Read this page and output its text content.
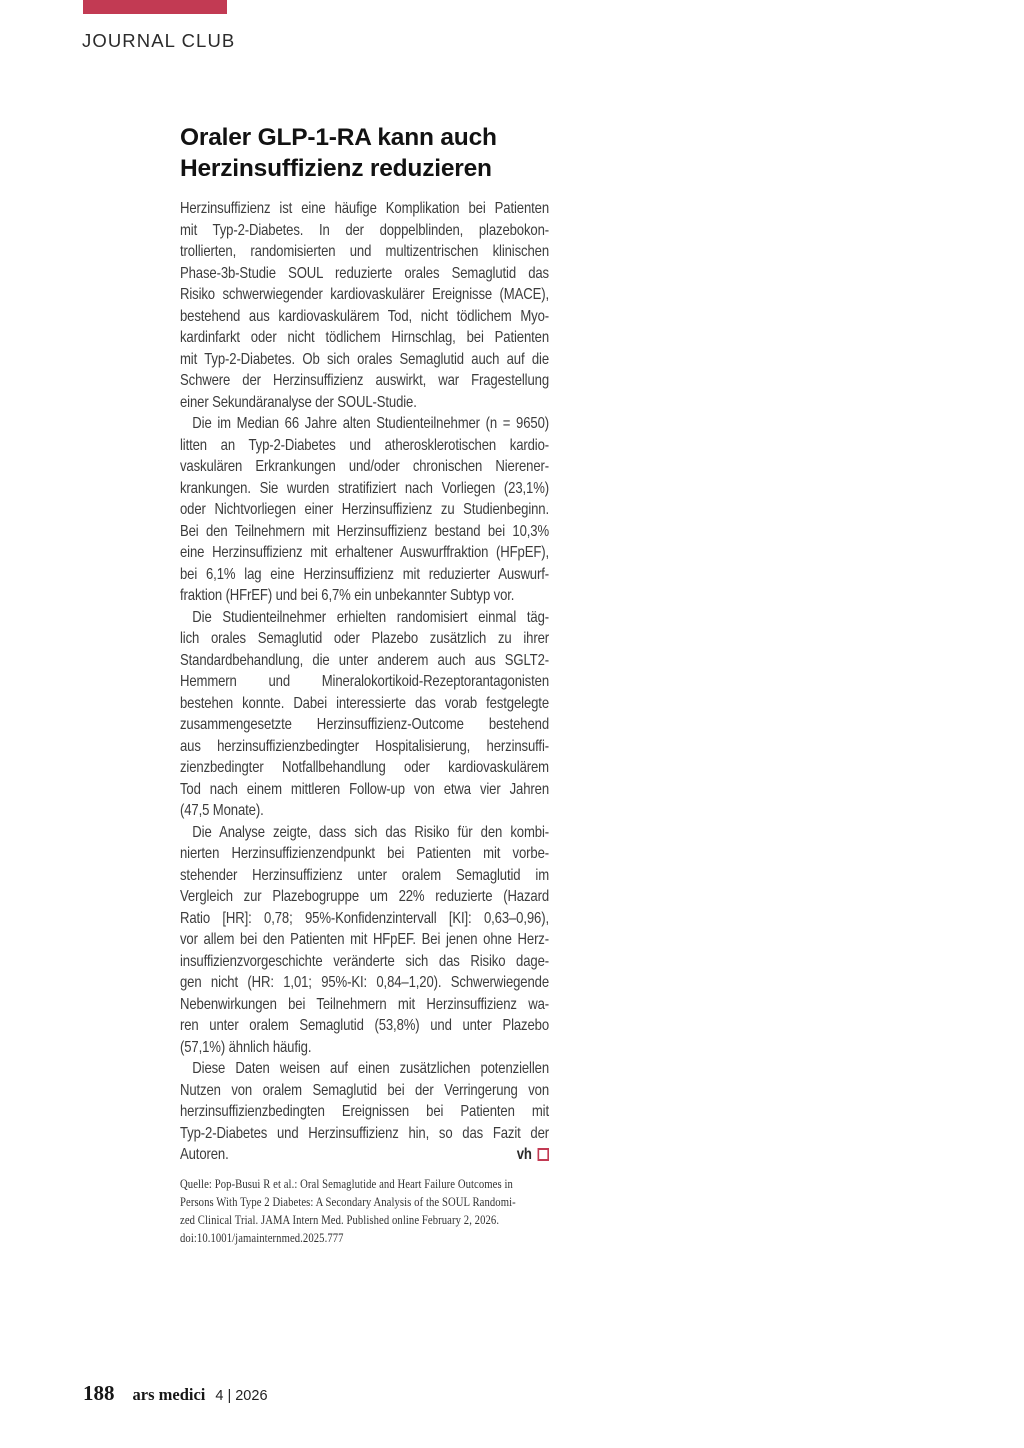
JOURNAL CLUB
Oraler GLP-1-RA kann auch
Herzinsuffizienz reduzieren
Herzinsuffizienz ist eine häufige Komplikation bei Patienten
mit Typ-2-Diabetes. In der doppelblinden, plazebokon-
trollierten, randomisierten und multizentrischen klinischen
Phase-3b-Studie SOUL reduzierte orales Semaglutid das
Risiko schwerwiegender kardiovaskulärer Ereignisse (MACE),
bestehend aus kardiovaskulärem Tod, nicht tödlichem Myo-
kardinfarkt oder nicht tödlichem Hirnschlag, bei Patienten
mit Typ-2-Diabetes. Ob sich orales Semaglutid auch auf die
Schwere der Herzinsuffizienz auswirkt, war Fragestellung
einer Sekundäranalyse der SOUL-Studie.
Die im Median 66 Jahre alten Studienteilnehmer (n = 9650)
litten an Typ-2-Diabetes und atherosklerotischen kardio-
vaskulären Erkrankungen und/oder chronischen Nierener-
krankungen. Sie wurden stratifiziert nach Vorliegen (23,1%)
oder Nichtvorliegen einer Herzinsuffizienz zu Studienbeginn.
Bei den Teilnehmern mit Herzinsuffizienz bestand bei 10,3%
eine Herzinsuffizienz mit erhaltener Auswurffraktion (HFpEF),
bei 6,1% lag eine Herzinsuffizienz mit reduzierter Auswurf-
fraktion (HFrEF) und bei 6,7% ein unbekannter Subtyp vor.
Die Studienteilnehmer erhielten randomisiert einmal täg-
lich orales Semaglutid oder Plazebo zusätzlich zu ihrer
Standardbehandlung, die unter anderem auch aus SGLT2-
Hemmern und Mineralokortikoid-Rezeptorantagonisten
bestehen konnte. Dabei interessierte das vorab festgelegte
zusammengesetzte Herzinsuffizienz-Outcome bestehend
aus herzinsuffizienzbedingter Hospitalisierung, herzinsuffi-
zienzbedingter Notfallbehandlung oder kardiovaskulärem
Tod nach einem mittleren Follow-up von etwa vier Jahren
(47,5 Monate).
Die Analyse zeigte, dass sich das Risiko für den kombi-
nierten Herzinsuffizienzendpunkt bei Patienten mit vorbe-
stehender Herzinsuffizienz unter oralem Semaglutid im
Vergleich zur Plazebogruppe um 22% reduzierte (Hazard
Ratio [HR]: 0,78; 95%-Konfidenzintervall [KI]: 0,63–0,96),
vor allem bei den Patienten mit HFpEF. Bei jenen ohne Herz-
insuffizienzvorgeschichte veränderte sich das Risiko dage-
gen nicht (HR: 1,01; 95%-KI: 0,84–1,20). Schwerwiegende
Nebenwirkungen bei Teilnehmern mit Herzinsuffizienz wa-
ren unter oralem Semaglutid (53,8%) und unter Plazebo
(57,1%) ähnlich häufig.
Diese Daten weisen auf einen zusätzlichen potenziellen
Nutzen von oralem Semaglutid bei der Verringerung von
herzinsuffizienzbedingten Ereignissen bei Patienten mit
Typ-2-Diabetes und Herzinsuffizienz hin, so das Fazit der
Autoren.	vh
Quelle: Pop-Busui R et al.: Oral Semaglutide and Heart Failure Outcomes in
Persons With Type 2 Diabetes: A Secondary Analysis of the SOUL Randomi-
zed Clinical Trial. JAMA Intern Med. Published online February 2, 2026.
doi:10.1001/jamainternmed.2025.777
188 ars medici 4 | 2026
